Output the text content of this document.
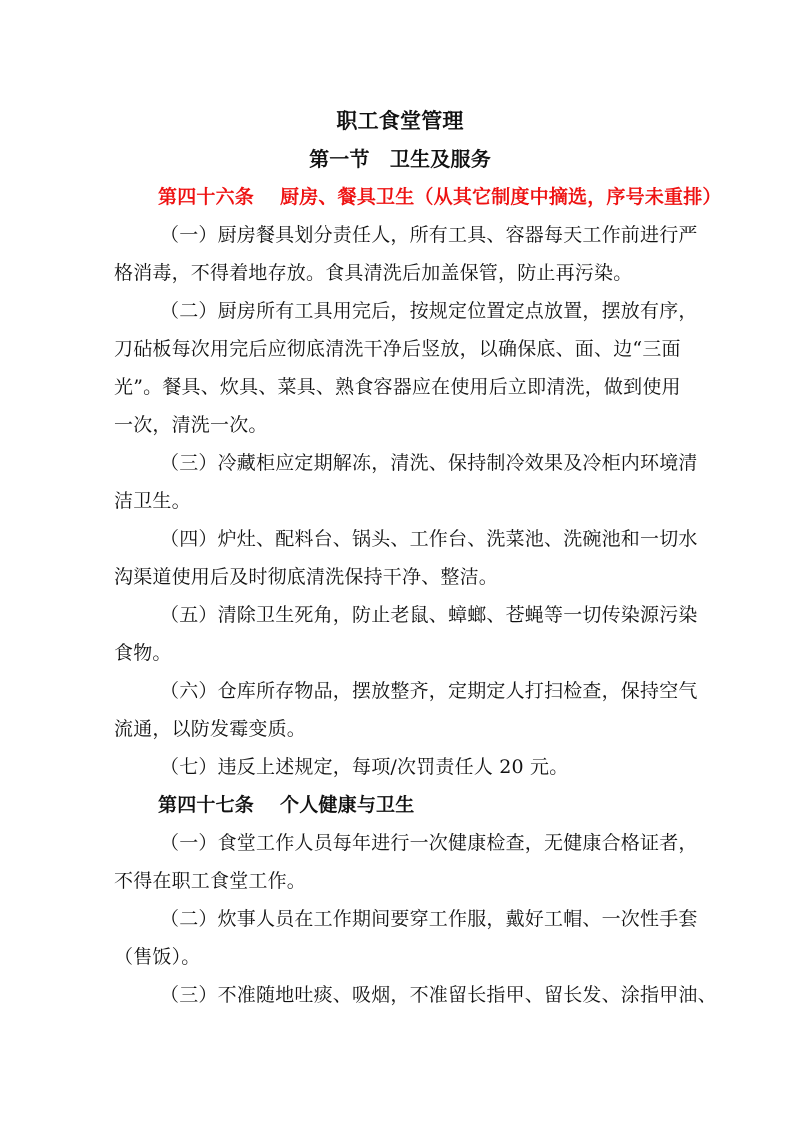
职工食堂管理
第一节　卫生及服务
第四十六条　 厨房、餐具卫生（从其它制度中摘选，序号未重排）
（一）厨房餐具划分责任人，所有工具、容器每天工作前进行严
格消毒，不得着地存放。食具清洗后加盖保管，防止再污染。
（二）厨房所有工具用完后，按规定位置定点放置，摆放有序，
刀砧板每次用完后应彻底清洗干净后竖放，以确保底、面、边“三面
光”。餐具、炊具、菜具、熟食容器应在使用后立即清洗，做到使用
一次，清洗一次。
（三）冷藏柜应定期解冻，清洗、保持制冷效果及冷柜内环境清
洁卫生。
（四）炉灶、配料台、锅头、工作台、洗菜池、洗碗池和一切水
沟渠道使用后及时彻底清洗保持干净、整洁。
（五）清除卫生死角，防止老鼠、蟑螂、苍蝇等一切传染源污染
食物。
（六）仓库所存物品，摆放整齐，定期定人打扫检查，保持空气
流通，以防发霉变质。
（七）违反上述规定，每项/次罚责任人 20 元。
第四十七条　 个人健康与卫生
（一）食堂工作人员每年进行一次健康检查，无健康合格证者，
不得在职工食堂工作。
（二）炊事人员在工作期间要穿工作服，戴好工帽、一次性手套
（售饭）。
（三）不准随地吐痰、吸烟，不准留长指甲、留长发、涂指甲油、
